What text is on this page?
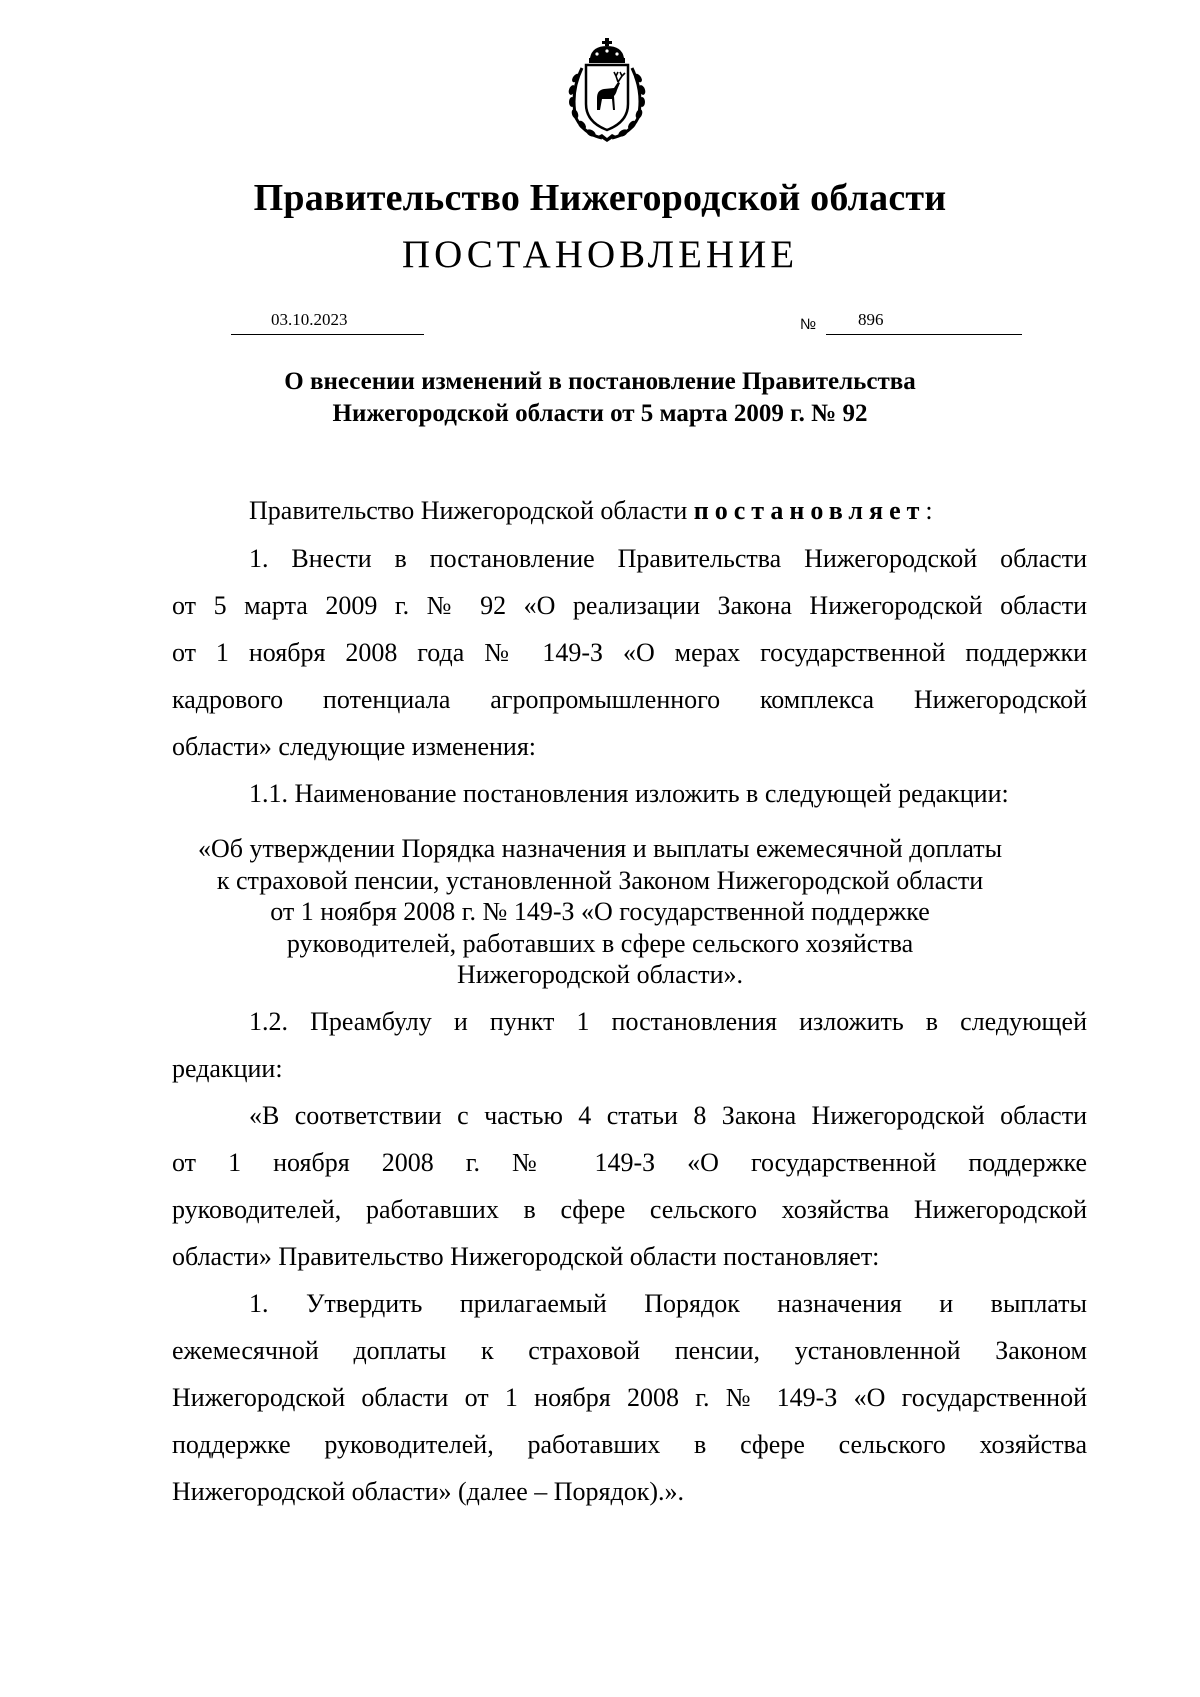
Правительство Нижегородской области
ПОСТАНОВЛЕНИЕ
03.10.2023	№ 896
О внесении изменений в постановление Правительства
Нижегородской области от 5 марта 2009 г. № 92
Правительство Нижегородской области постановляет:
1. Внести в постановление Правительства Нижегородской области
от 5 марта 2009 г. № 92 «О реализации Закона Нижегородской области
от 1 ноября 2008 года № 149-З «О мерах государственной поддержки
кадрового потенциала агропромышленного комплекса Нижегородской
области» следующие изменения:
1.1. Наименование постановления изложить в следующей редакции:
«Об утверждении Порядка назначения и выплаты ежемесячной доплаты
к страховой пенсии, установленной Законом Нижегородской области
от 1 ноября 2008 г. № 149-З «О государственной поддержке
руководителей, работавших в сфере сельского хозяйства
Нижегородской области».
1.2. Преамбулу и пункт 1 постановления изложить в следующей
редакции:
«В соответствии с частью 4 статьи 8 Закона Нижегородской области
от 1 ноября 2008 г. № 149-З «О государственной поддержке
руководителей, работавших в сфере сельского хозяйства Нижегородской
области» Правительство Нижегородской области постановляет:
1. Утвердить прилагаемый Порядок назначения и выплаты
ежемесячной доплаты к страховой пенсии, установленной Законом
Нижегородской области от 1 ноября 2008 г. № 149-З «О государственной
поддержке руководителей, работавших в сфере сельского хозяйства
Нижегородской области» (далее – Порядок).».
